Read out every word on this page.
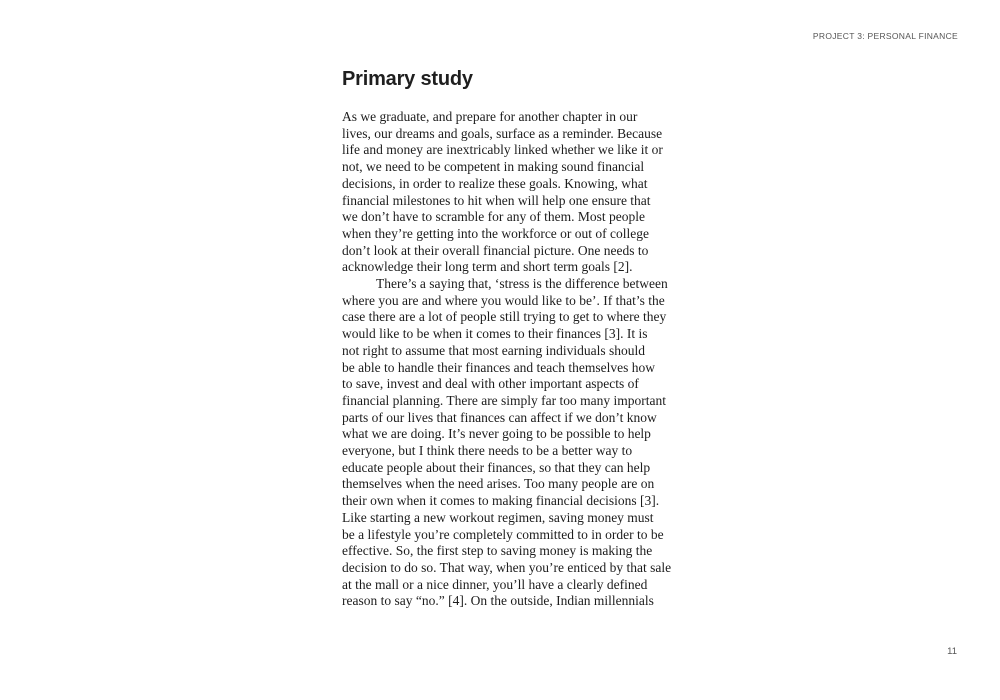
PROJECT 3: PERSONAL FINANCE
Primary study
As we graduate, and prepare for another chapter in our
lives, our dreams and goals, surface as a reminder. Because
life and money are inextricably linked whether we like it or
not, we need to be competent in making sound financial
decisions, in order to realize these goals. Knowing, what
financial milestones to hit when will help one ensure that
we don’t have to scramble for any of them. Most people
when they’re getting into the workforce or out of college
don’t look at their overall financial picture. One needs to
acknowledge their long term and short term goals [2].
There’s a saying that, ‘stress is the difference between
where you are and where you would like to be’. If that’s the
case there are a lot of people still trying to get to where they
would like to be when it comes to their finances [3]. It is
not right to assume that most earning individuals should
be able to handle their finances and teach themselves how
to save, invest and deal with other important aspects of
financial planning. There are simply far too many important
parts of our lives that finances can affect if we don’t know
what we are doing. It’s never going to be possible to help
everyone, but I think there needs to be a better way to
educate people about their finances, so that they can help
themselves when the need arises. Too many people are on
their own when it comes to making financial decisions [3].
Like starting a new workout regimen, saving money must
be a lifestyle you’re completely committed to in order to be
effective. So, the first step to saving money is making the
decision to do so. That way, when you’re enticed by that sale
at the mall or a nice dinner, you’ll have a clearly defined
reason to say “no.” [4]. On the outside, Indian millennials
11
